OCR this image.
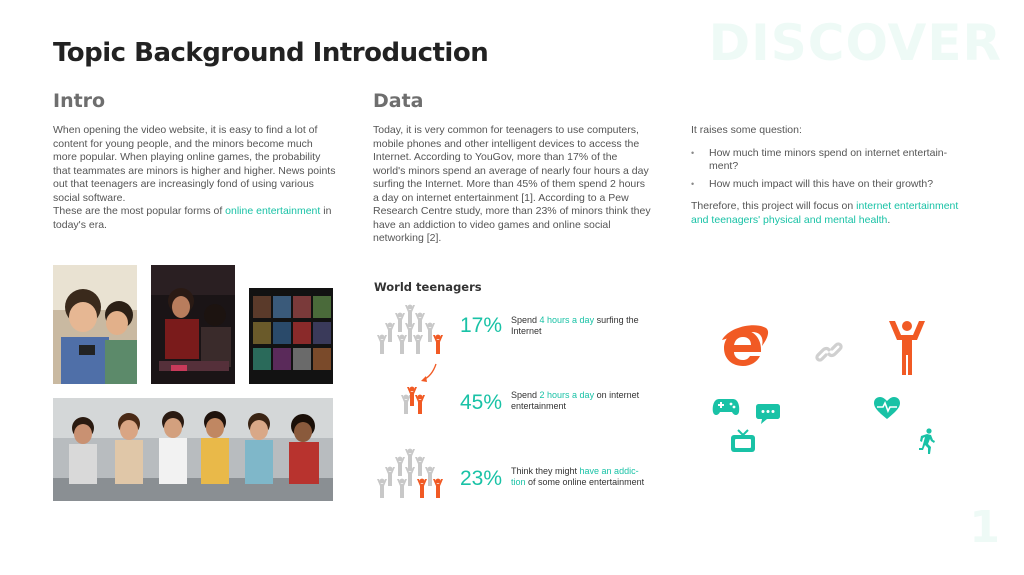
DISCOVER
1
Topic Background Introduction
Intro
When opening the video website, it is easy to find a lot of content for young people, and the minors become much more popular. When playing online games, the probability that teammates are minors is higher and higher. News points out that teenagers are increasingly fond of using various social software.
These are the most popular forms of online entertainment in today's era.
Data
Today, it is very common for teenagers to use computers, mobile phones and other intelligent devices to access the Internet. According to YouGov, more than 17% of the world's minors spend an average of nearly four hours a day surfing the Internet. More than 45% of them spend 2 hours a day on internet entertainment [1]. According to a Pew Research Centre study, more than 23% of minors think they have an addiction to video games and online social networking [2].
It raises some question:
• How much time minors spend on internet entertain-ment?
• How much impact will this have on their growth?
Therefore, this project will focus on internet entertainment and teenagers' physical and mental health.
World teenagers
17% Spend 4 hours a day surfing the Internet
45% Spend 2 hours a day on internet entertainment
23% Think they might have an addic-tion of some online entertainment
